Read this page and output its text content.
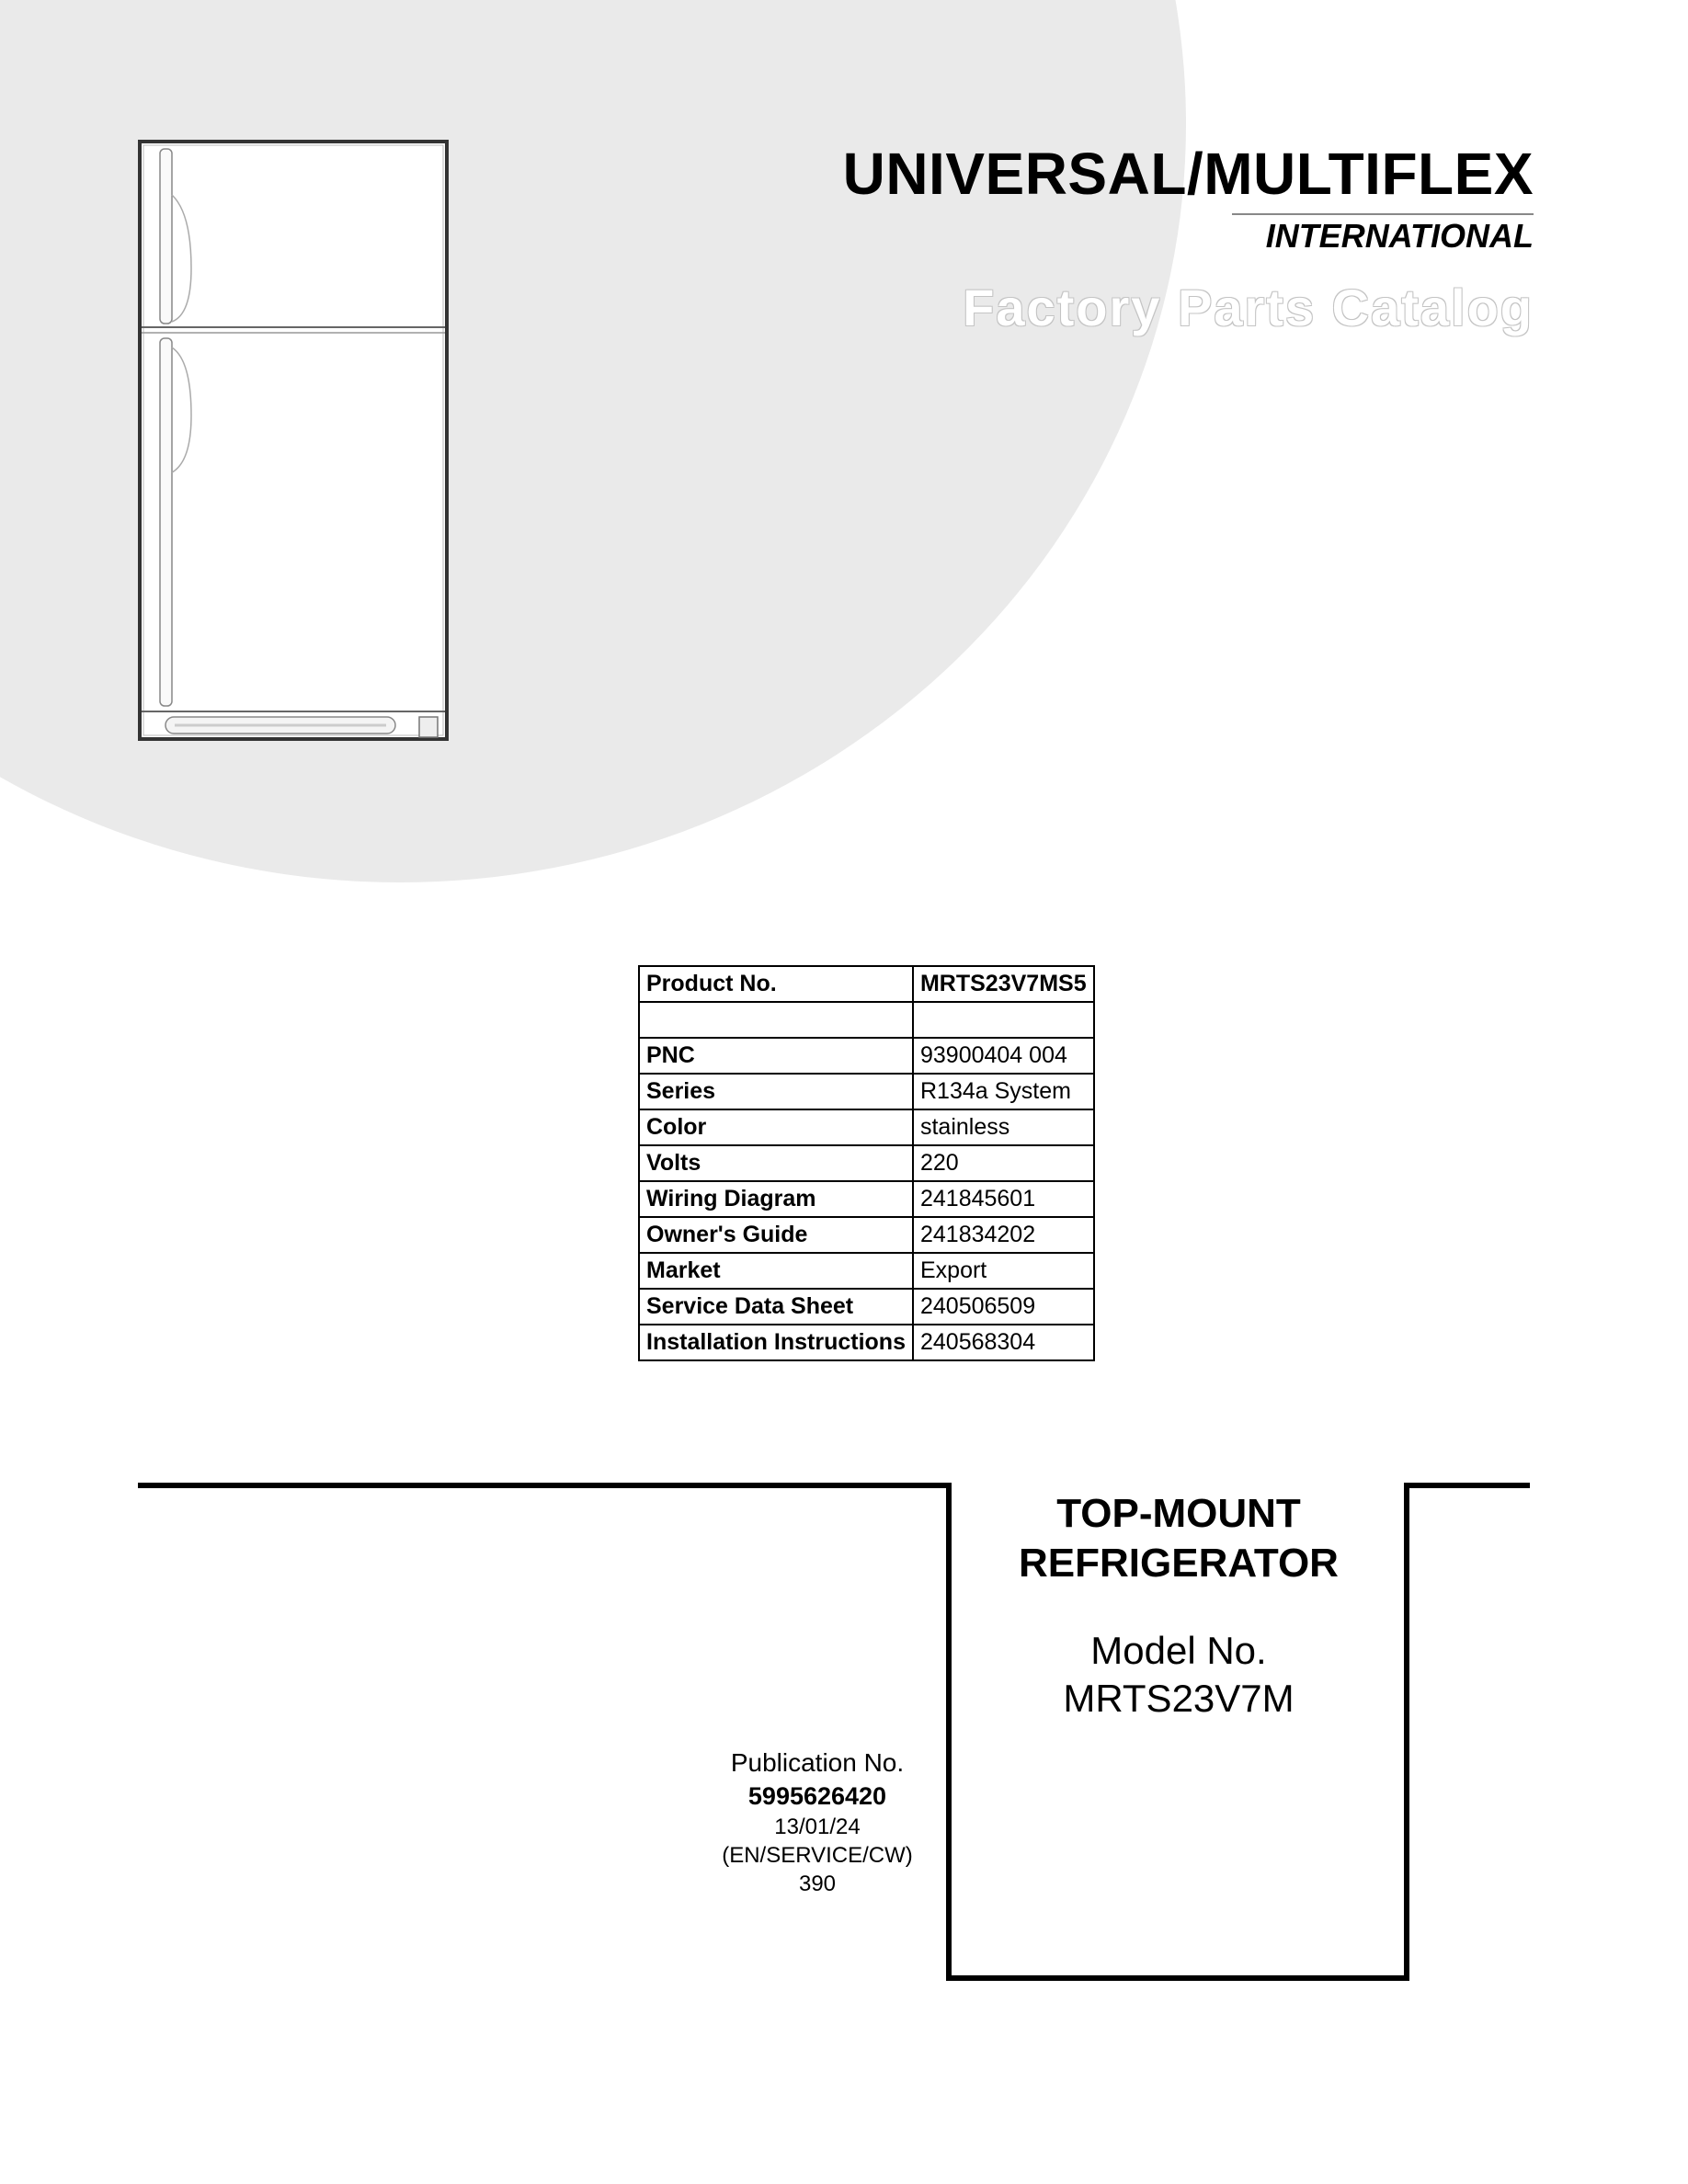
UNIVERSAL/MULTIFLEX
INTERNATIONAL
Factory Parts Catalog
Product No.	MRTS23V7MS5

PNC	93900404 004
Series	R134a System
Color	stainless
Volts	220
Wiring Diagram	241845601
Owner's Guide	241834202
Market	Export
Service Data Sheet	240506509
Installation Instructions	240568304
TOP-MOUNT
REFRIGERATOR
Model No.
MRTS23V7M
Publication No.
5995626420
13/01/24
(EN/SERVICE/CW)
390
